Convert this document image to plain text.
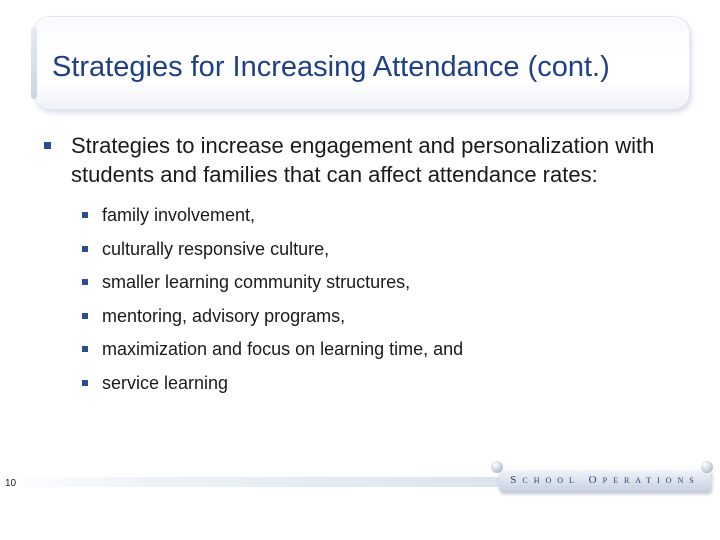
Strategies for Increasing Attendance (cont.)
Strategies to increase engagement and personalization with students and families that can affect attendance rates:
family involvement,
culturally responsive culture,
smaller learning community structures,
mentoring, advisory programs,
maximization and focus on learning time, and
service learning
10	SCHOOL OPERATIONS
